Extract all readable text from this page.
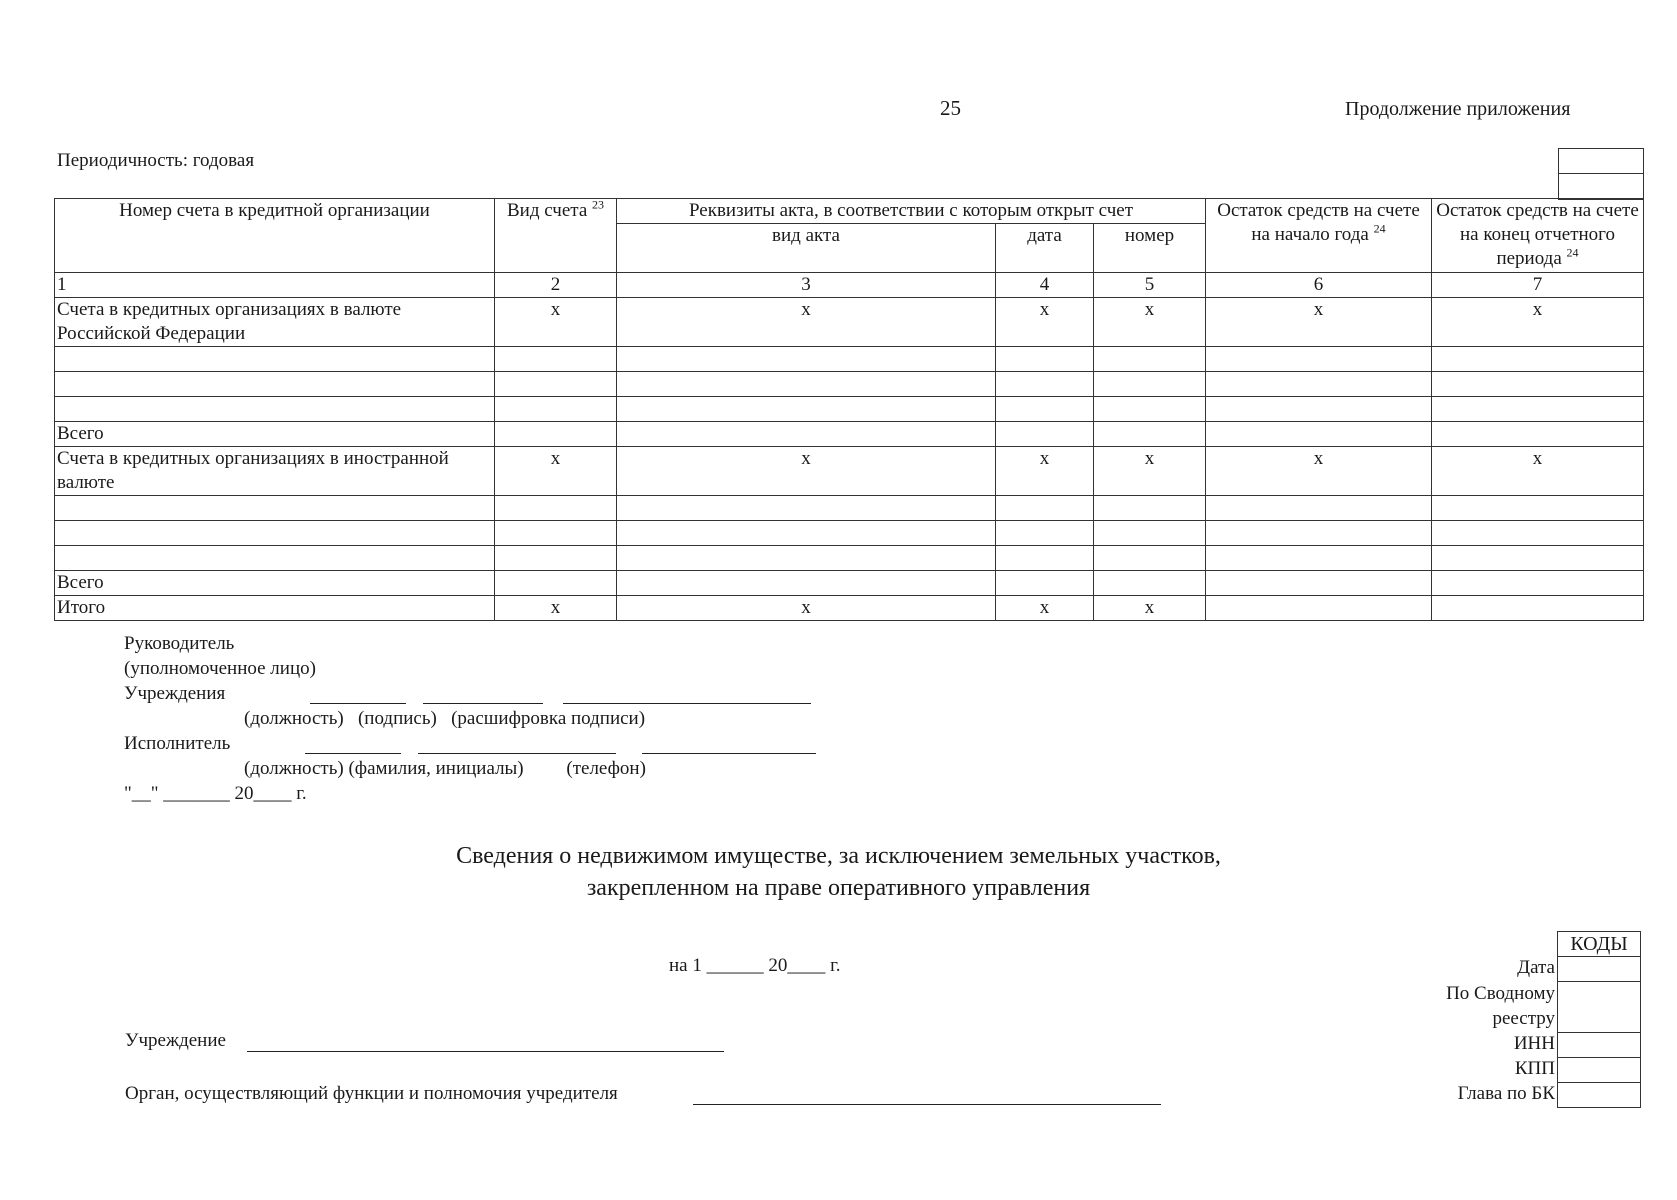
25	Продолжение приложения
Периодичность: годовая
Номер счета в кредитной организации	Вид счета $^{23}$	Реквизиты акта, в соответствии с которым открыт счет			Остаток средств на счете на начало года $^{24}$	Остаток средств на счете на конец отчетного периода $^{24}$
		вид акта	дата	номер		
1	2	3	4	5	6	7
Счета в кредитных организациях в валюте Российской Федерации	х	х	х	х	х	х

Всего						
Счета в кредитных организациях в иностранной валюте	х	х	х	х	х	х

Всего						
Итого	х	х	х	х		
Руководитель
(уполномоченное лицо)
Учреждения
(должность)   (подпись)   (расшифровка подписи)
Исполнитель
(должность) (фамилия, инициалы)         (телефон)
"__" _______ 20____ г.
Сведения о недвижимом имуществе, за исключением земельных участков,
закрепленном на праве оперативного управления
на 1 ______ 20____ г.
Учреждение
Орган, осуществляющий функции и полномочия учредителя
Дата
По Сводному
реестру
ИНН
КПП
Глава по БК
КОДЫ
